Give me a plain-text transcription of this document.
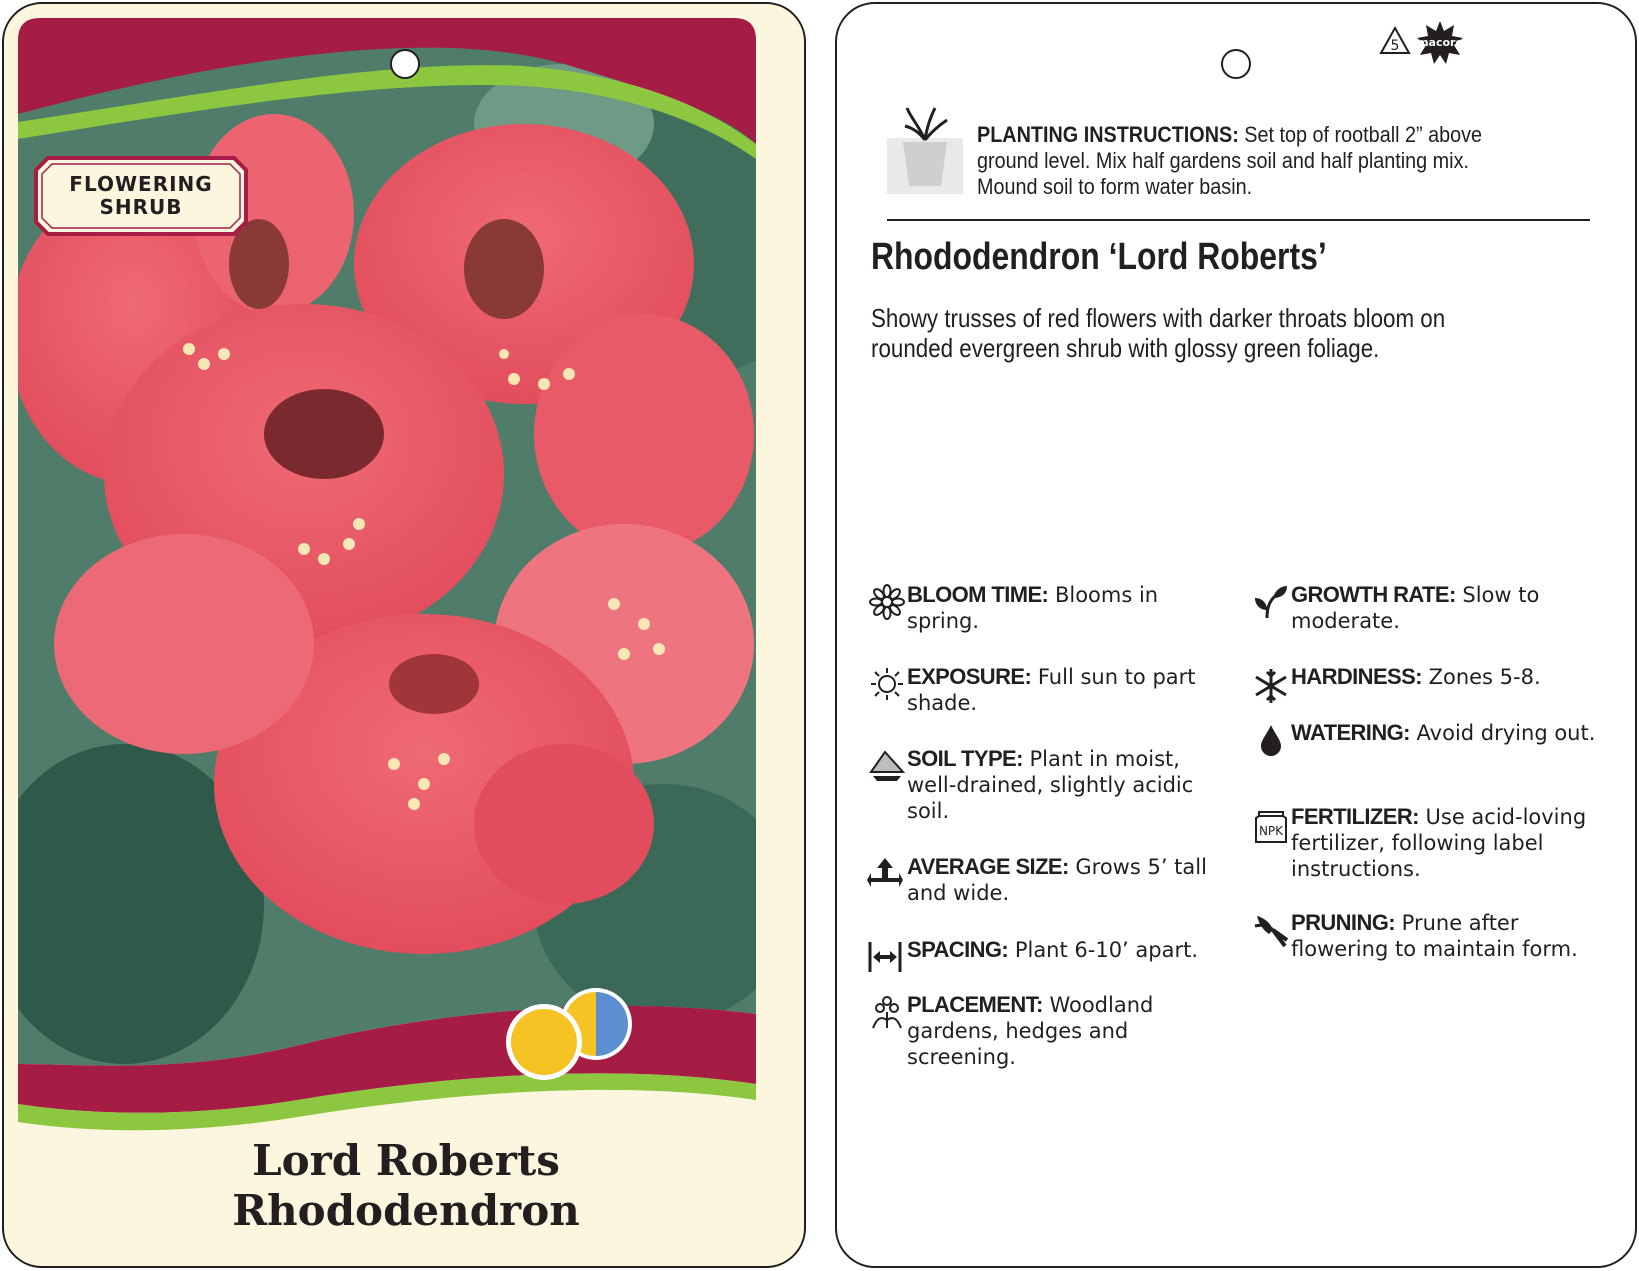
FLOWERING
SHRUB
Lord Roberts
Rhododendron
5 macore
PLANTING INSTRUCTIONS: Set top of rootball 2” above ground level. Mix half gardens soil and half planting mix. Mound soil to form water basin.
Rhododendron ‘Lord Roberts’
Showy trusses of red flowers with darker throats bloom on rounded evergreen shrub with glossy green foliage.
BLOOM TIME: Blooms in spring.
EXPOSURE: Full sun to part shade.
SOIL TYPE: Plant in moist, well-drained, slightly acidic soil.
AVERAGE SIZE: Grows 5’ tall and wide.
SPACING: Plant 6-10’ apart.
PLACEMENT: Woodland gardens, hedges and screening.
GROWTH RATE: Slow to moderate.
HARDINESS: Zones 5-8.
WATERING: Avoid drying out.
NPK
FERTILIZER: Use acid-loving fertilizer, following label instructions.
PRUNING: Prune after flowering to maintain form.
